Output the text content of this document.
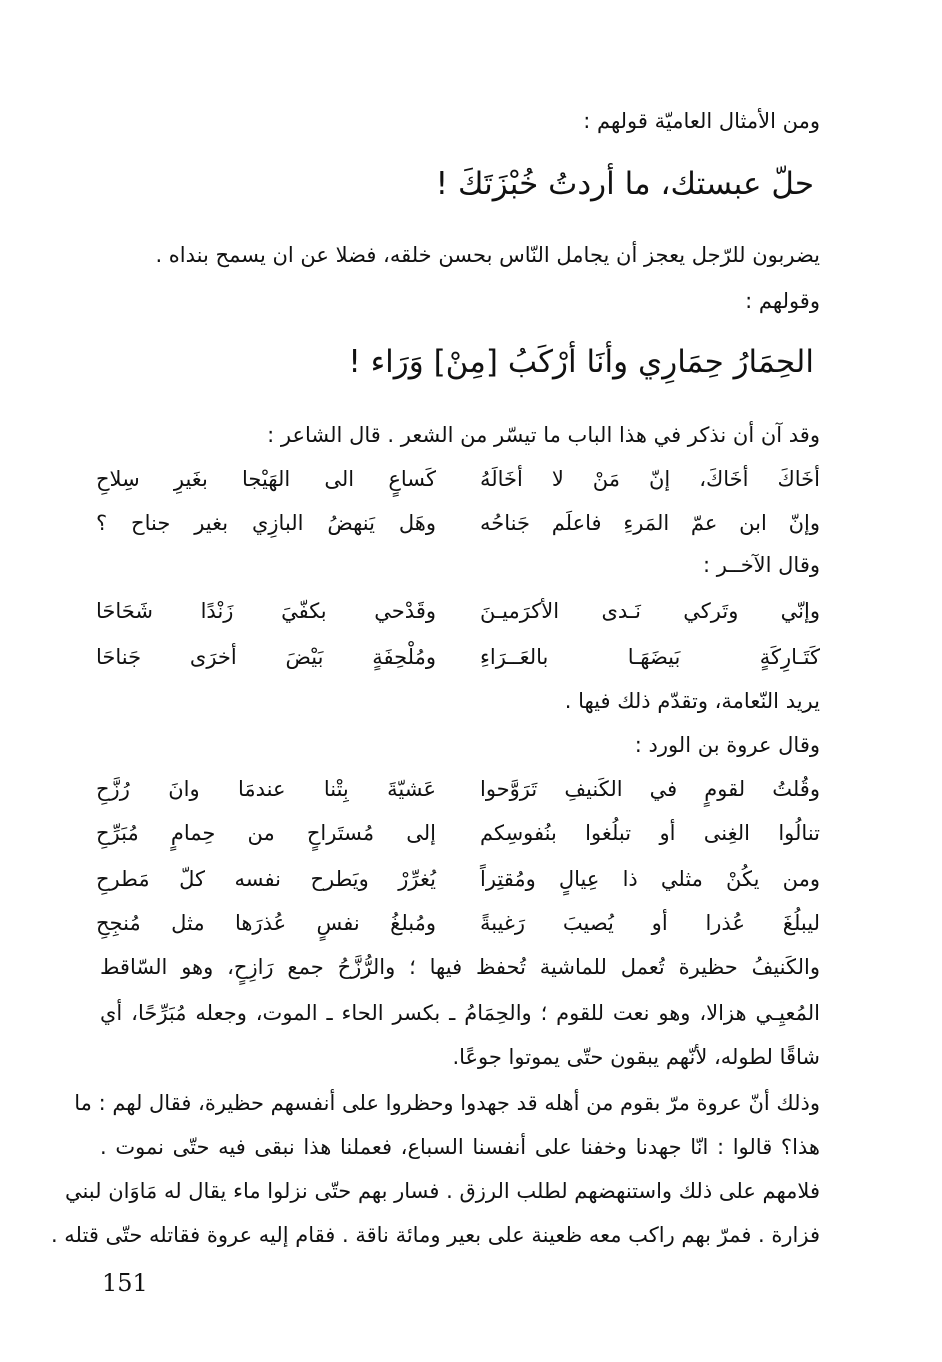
ومن الأمثال العاميّة قولهم :
حلّ عبستك، ما أردتُ خُبْزَتَكَ !
يضربون للرّجل يعجز أن يجامل النّاس بحسن خلقه، فضلا عن ان يسمح بنداه .
وقولهم :
الحِمَارُ حِمَارِي وأنَا أرْكَبُ [مِنْ] وَرَاء !
وقد آن أن نذكر في هذا الباب ما تيسّر من الشعر . قال الشاعر :
أخَاكَ أخَاكَ، إنّ مَنْ لا أخَالَهُ
كَساعٍ الى الهَيْجا بغَيرِ سِلاحِ
وإنّ ابن عمّ المَرءِ فاعلَم جَناحُه
وهَل يَنهضُ البازِي بغير جناح ؟
وقال الآخــر :
وإنّي وتَركي نَـدى الأكرَميـنَ
وقَدْحي بكفّيَ زَنْدًا شَحَاحَا
كَتَـارِكَةٍ بَيضَهَـا بالعَــرَاءِ
ومُلْحِفَةٍ بَيْضَ أخرَى جَناحَا
يريد النّعامة، وتقدّم ذلك فيها .
وقال عروة بن الورد :
وقُلتُ لقومٍ في الكَنيفِ تَرَوَّحوا
عَشيّةَ بِتْنا عندمَا وانَ رُزَّحِ
تنالُوا الغِنى أو تبلُغوا بنُفوسِكم
إلى مُستَراحٍ من حِمامٍ مُبَرِّحِ
ومن يكُنْ مثلي ذا عِيالٍ ومُقتِراً
يُغرِّرْ ويَطرح نفسه كلّ مَطرحِ
ليبلُغَ عُذرا أو يُصيبَ رَغيبةً
ومُبلغُ نفسٍ عُذرَها مثل مُنجِحِ
والكَنيفُ حظيرة تُعمل للماشية تُحفظ فيها ؛ والرُّزَّحُ جمع رَازِحٍ، وهو السّاقط
المُعيِـي هزالا، وهو نعت للقوم ؛ والحِمَامُ ـ بكسر الحاء ـ الموت، وجعله مُبَرِّحًا، أي
شاقًا لطوله، لأنّهم يبقون حتّى يموتوا جوعًا.
وذلك أنّ عروة مرّ بقوم من أهله قد جهدوا وحظروا على أنفسهم حظيرة، فقال لهم : ما
هذا؟ قالوا : انّا جهدنا وخفنا على أنفسنا السباع، فعملنا هذا نبقى فيه حتّى نموت .
فلامهم على ذلك واستنهضهم لطلب الرزق . فسار بهم حتّى نزلوا ماء يقال له مَاوَان لبني
فزارة . فمرّ بهم راكب معه ظعينة على بعير ومائة ناقة . فقام إليه عروة فقاتله حتّى قتله .
151
